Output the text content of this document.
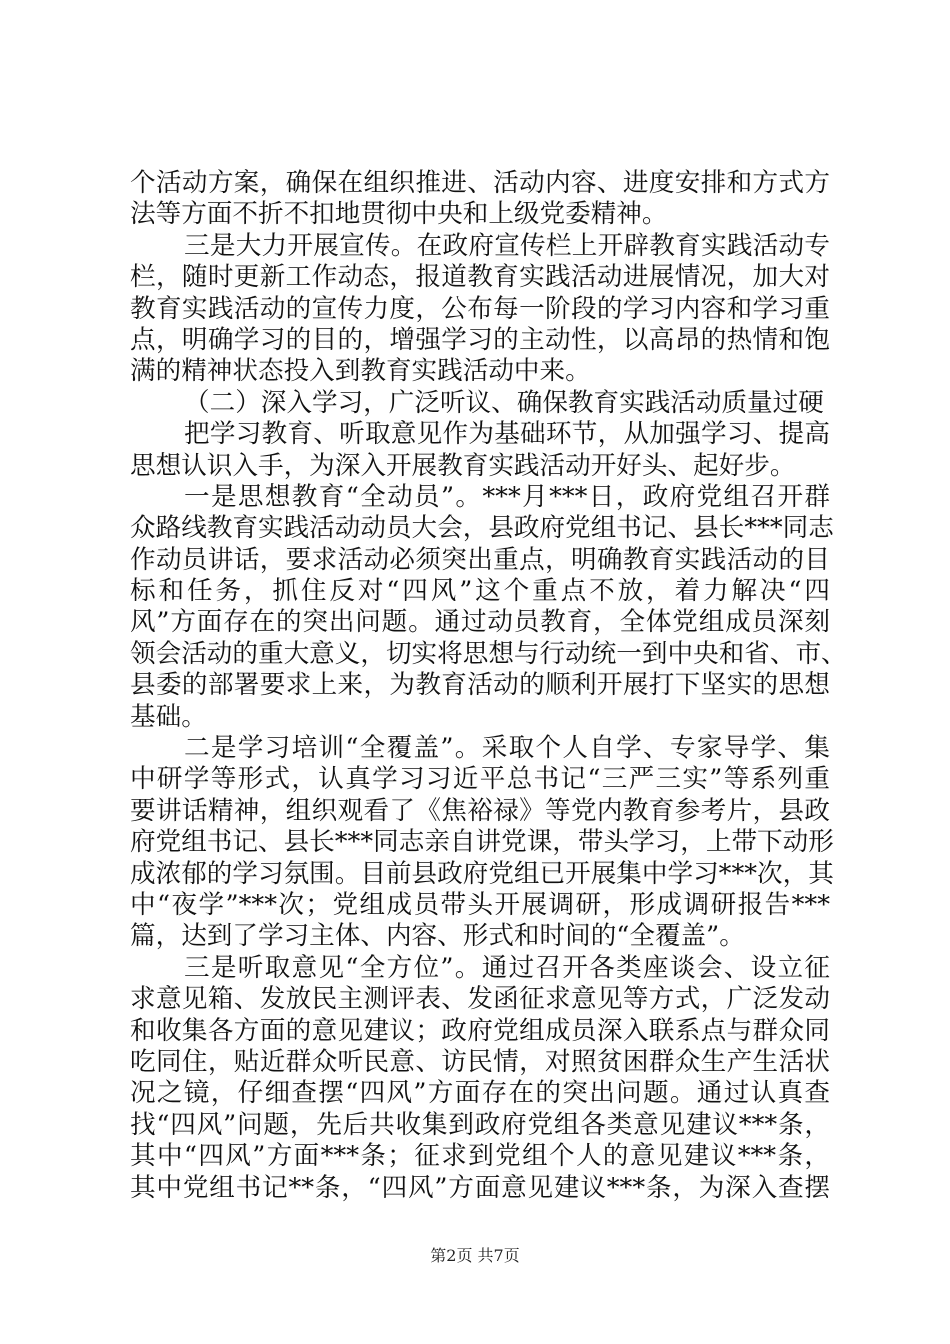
个活动方案，确保在组织推进、活动内容、进度安排和方式方
法等方面不折不扣地贯彻中央和上级党委精神。
三是大力开展宣传。在政府宣传栏上开辟教育实践活动专
栏，随时更新工作动态，报道教育实践活动进展情况，加大对
教育实践活动的宣传力度，公布每一阶段的学习内容和学习重
点，明确学习的目的，增强学习的主动性，以高昂的热情和饱
满的精神状态投入到教育实践活动中来。
（二）深入学习，广泛听议、确保教育实践活动质量过硬
把学习教育、听取意见作为基础环节，从加强学习、提高
思想认识入手，为深入开展教育实践活动开好头、起好步。
一是思想教育“全动员”。***月***日，政府党组召开群
众路线教育实践活动动员大会，县政府党组书记、县长***同志
作动员讲话，要求活动必须突出重点，明确教育实践活动的目
标和任务，抓住反对“四风”这个重点不放，着力解决“四
风”方面存在的突出问题。通过动员教育，全体党组成员深刻
领会活动的重大意义，切实将思想与行动统一到中央和省、市、
县委的部署要求上来，为教育活动的顺利开展打下坚实的思想
基础。
二是学习培训“全覆盖”。采取个人自学、专家导学、集
中研学等形式，认真学习习近平总书记“三严三实”等系列重
要讲话精神，组织观看了《焦裕禄》等党内教育参考片，县政
府党组书记、县长***同志亲自讲党课，带头学习，上带下动形
成浓郁的学习氛围。目前县政府党组已开展集中学习***次，其
中“夜学”***次；党组成员带头开展调研，形成调研报告***
篇，达到了学习主体、内容、形式和时间的“全覆盖”。
三是听取意见“全方位”。通过召开各类座谈会、设立征
求意见箱、发放民主测评表、发函征求意见等方式，广泛发动
和收集各方面的意见建议；政府党组成员深入联系点与群众同
吃同住，贴近群众听民意、访民情，对照贫困群众生产生活状
况之镜，仔细查摆“四风”方面存在的突出问题。通过认真查
找“四风”问题，先后共收集到政府党组各类意见建议***条，
其中“四风”方面***条；征求到党组个人的意见建议***条，
其中党组书记**条，“四风”方面意见建议***条，为深入查摆
第2页 共7页
